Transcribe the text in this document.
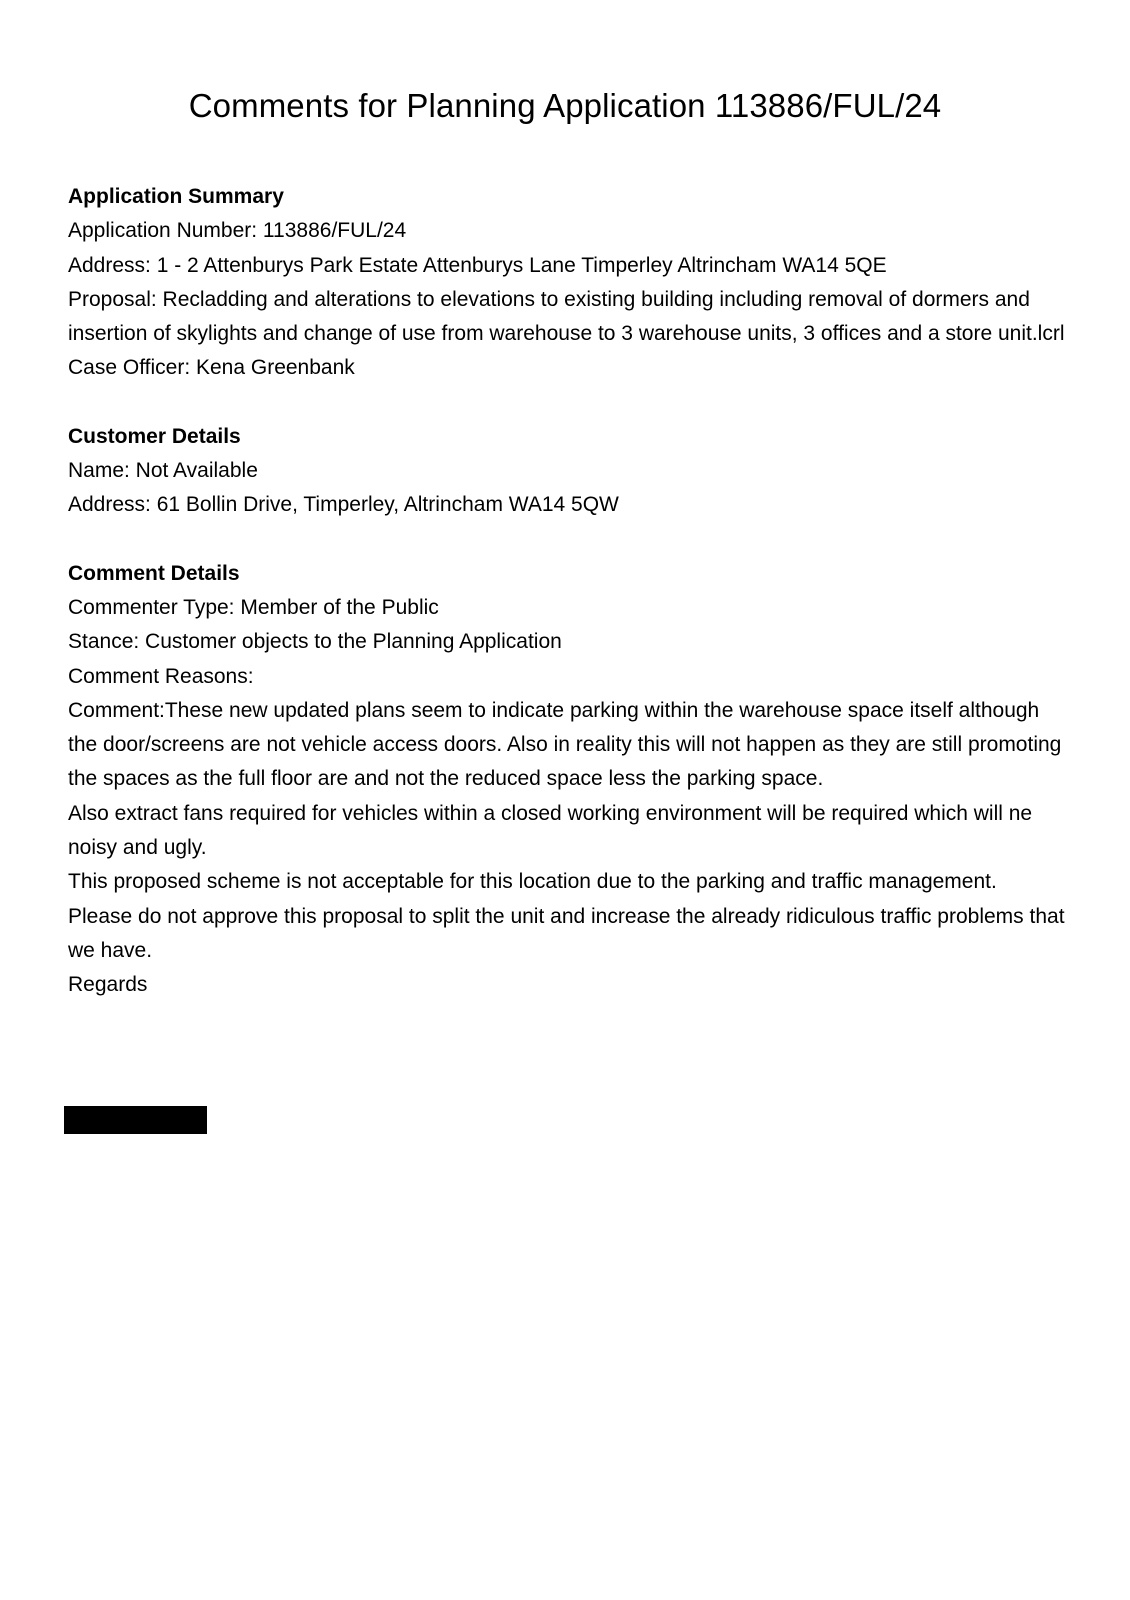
Comments for Planning Application 113886/FUL/24

Application Summary

Application Number: 113886/FUL/24

Address: 1 - 2 Attenburys Park Estate Attenburys Lane Timperley Altrincham WA14 5QE

Proposal: Recladding and alterations to elevations to existing building including removal of dormers and insertion of skylights and change of use from warehouse to 3 warehouse units, 3 offices and a store unit.lcrl

Case Officer: Kena Greenbank

Customer Details

Name: Not Available

Address: 61 Bollin Drive, Timperley, Altrincham WA14 5QW

Comment Details

Commenter Type: Member of the Public

Stance: Customer objects to the Planning Application

Comment Reasons:

Comment:These new updated plans seem to indicate parking within the warehouse space itself although the door/screens are not vehicle access doors. Also in reality this will not happen as they are still promoting the spaces as the full floor are and not the reduced space less the parking space.

Also extract fans required for vehicles within a closed working environment will be required which will ne noisy and ugly.

This proposed scheme is not acceptable for this location due to the parking and traffic management.

Please do not approve this proposal to split the unit and increase the already ridiculous traffic problems that we have.

Regards
